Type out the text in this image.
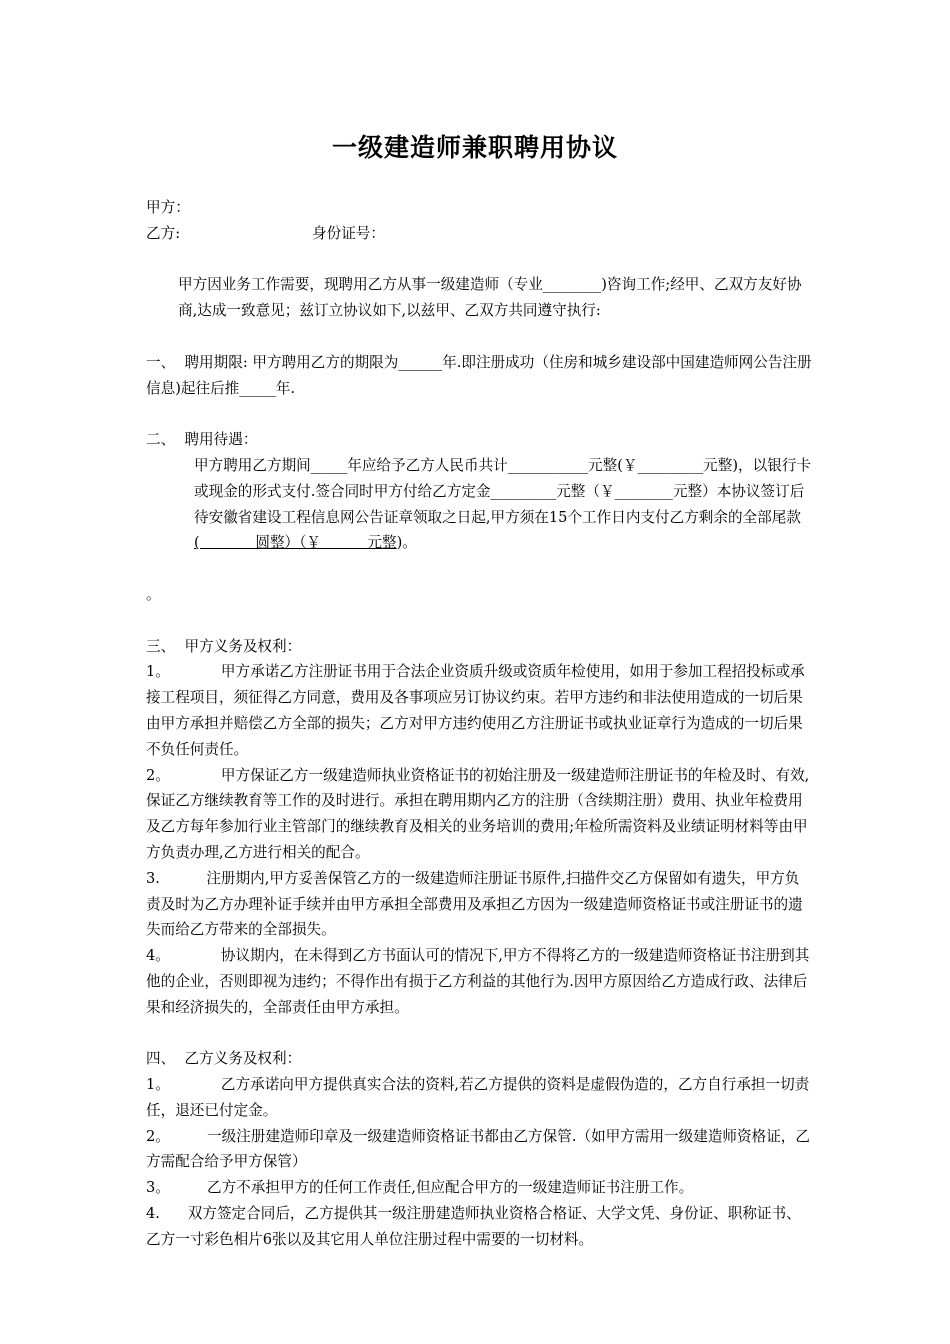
一级建造师兼职聘用协议

甲方：

乙方:	身份证号：

甲方因业务工作需要，现聘用乙方从事一级建造师（专业________)咨询工作;经甲、乙双方友好协商,达成一致意见；兹订立协议如下,以兹甲、乙双方共同遵守执行:

一、  聘用期限: 甲方聘用乙方的期限为______年.即注册成功（住房和城乡建设部中国建造师网公告注册信息)起往后推_____年.

二、  聘用待遇：

甲方聘用乙方期间_____年应给予乙方人民币共计___________元整(￥_________元整)，以银行卡或现金的形式支付.签合同时甲方付给乙方定金_________元整（￥________元整）本协议签订后待安徽省建设工程信息网公告证章领取之日起,甲方须在15个工作日内支付乙方剩余的全部尾款(            圆整）（￥          元整)。

。

三、  甲方义务及权利：

1。           甲方承诺乙方注册证书用于合法企业资质升级或资质年检使用，如用于参加工程招投标或承接工程项目，须征得乙方同意，费用及各事项应另订协议约束。若甲方违约和非法使用造成的一切后果由甲方承担并赔偿乙方全部的损失；乙方对甲方违约使用乙方注册证书或执业证章行为造成的一切后果不负任何责任。

2。           甲方保证乙方一级建造师执业资格证书的初始注册及一级建造师注册证书的年检及时、有效,保证乙方继续教育等工作的及时进行。承担在聘用期内乙方的注册（含续期注册）费用、执业年检费用及乙方每年参加行业主管部门的继续教育及相关的业务培训的费用;年检所需资料及业绩证明材料等由甲方负责办理,乙方进行相关的配合。

3.          注册期内,甲方妥善保管乙方的一级建造师注册证书原件,扫描件交乙方保留如有遗失，甲方负责及时为乙方办理补证手续并由甲方承担全部费用及承担乙方因为一级建造师资格证书或注册证书的遗失而给乙方带来的全部损失。

4。           协议期内，在未得到乙方书面认可的情况下,甲方不得将乙方的一级建造师资格证书注册到其他的企业，否则即视为违约；不得作出有损于乙方利益的其他行为.因甲方原因给乙方造成行政、法律后果和经济损失的，全部责任由甲方承担。

四、  乙方义务及权利：

1。           乙方承诺向甲方提供真实合法的资料,若乙方提供的资料是虚假伪造的，乙方自行承担一切责任，退还已付定金。

2。        一级注册建造师印章及一级建造师资格证书都由乙方保管.（如甲方需用一级建造师资格证，乙方需配合给予甲方保管）

3。        乙方不承担甲方的任何工作责任,但应配合甲方的一级建造师证书注册工作。

4.      双方签定合同后，乙方提供其一级注册建造师执业资格合格证、大学文凭、身份证、职称证书、乙方一寸彩色相片6张以及其它用人单位注册过程中需要的一切材料。
